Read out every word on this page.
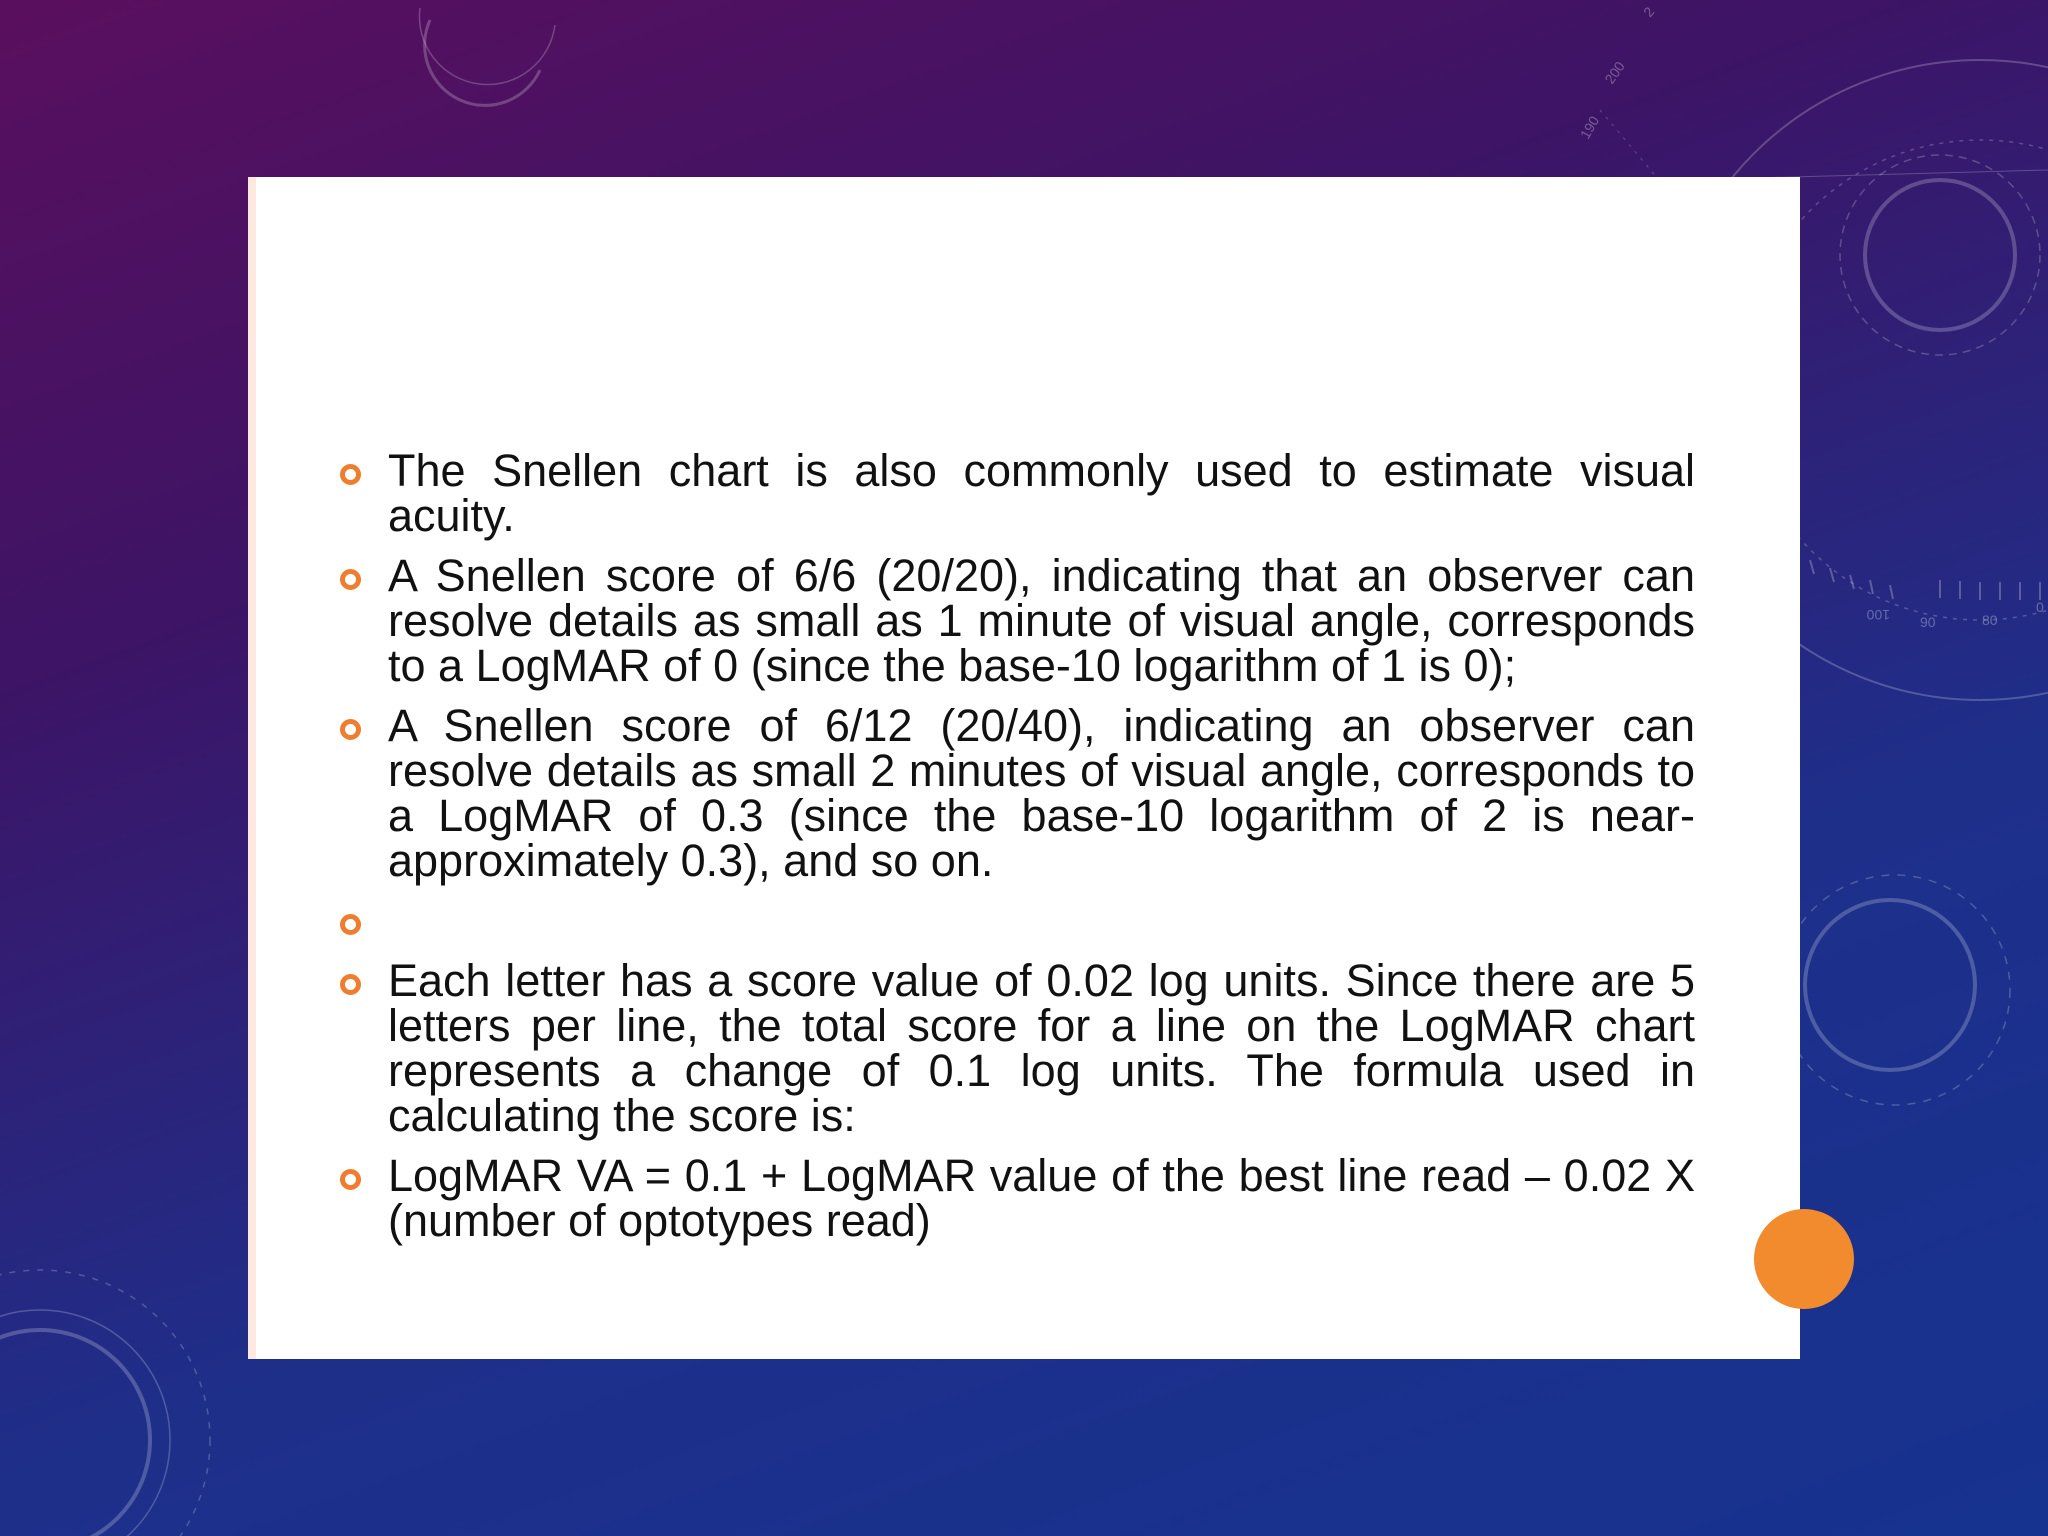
190
200
2
100 90	80
0
The Snellen chart is also commonly used to estimate visual acuity.
A Snellen score of 6/6 (20/20), indicating that an observer can resolve details as small as 1 minute of visual angle, corresponds to a LogMAR of 0 (since the base-10 logarithm of 1 is 0);
A Snellen score of 6/12 (20/40), indicating an observer can resolve details as small 2 minutes of visual angle, corresponds to a LogMAR of 0.3 (since the base-10 logarithm of 2 is near-approximately 0.3), and so on.
Each letter has a score value of 0.02 log units. Since there are 5 letters per line, the total score for a line on the LogMAR chart represents a change of 0.1 log units. The formula used in calculating the score is:
LogMAR VA = 0.1 + LogMAR value of the best line read – 0.02 X (number of optotypes read)
